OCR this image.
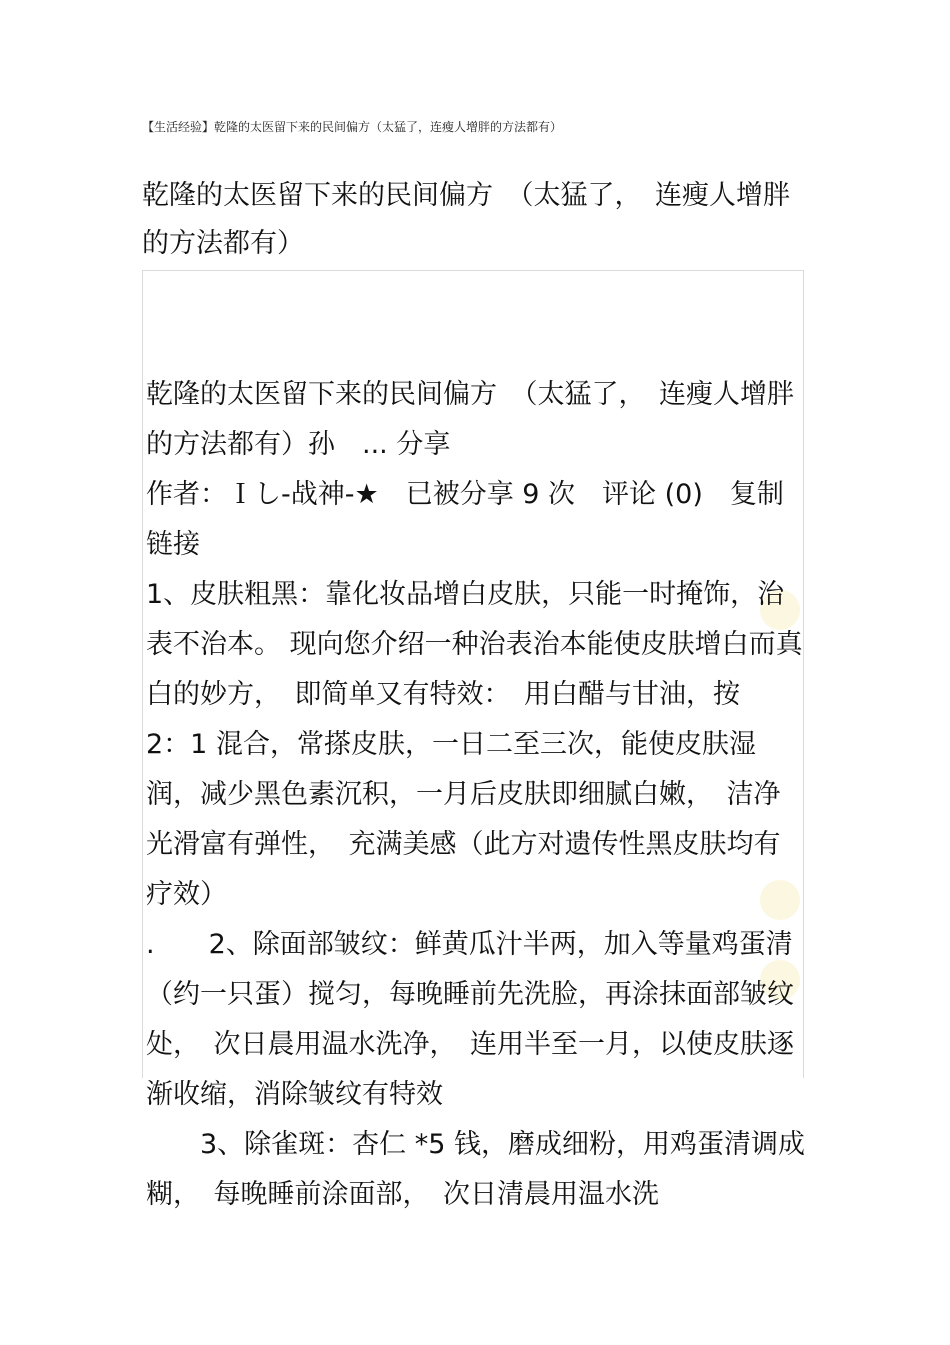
【生活经验】乾隆的太医留下来的民间偏方（太猛了，连瘦人增胖的方法都有）
乾隆的太医留下来的民间偏方　（太猛了，　连瘦人增胖的方法都有）
乾隆的太医留下来的民间偏方　（太猛了，　连瘦人增胖的方法都有）孙　... 分享
作者：Ｉし-战神-★　已被分享 9 次　评论 (0)　复制链接
1、皮肤粗黑：靠化妆品增白皮肤，只能一时掩饰，治表不治本。 现向您介绍一种治表治本能使皮肤增白而真白的妙方，　即简单又有特效：　用白醋与甘油，按　2：1 混合，常搽皮肤，一日二至三次，能使皮肤湿润，减少黑色素沉积，一月后皮肤即细腻白嫩，　洁净光滑富有弹性，　充满美感（此方对遗传性黑皮肤均有疗效）
.　　2、除面部皱纹：鲜黄瓜汁半两，加入等量鸡蛋清（约一只蛋）搅匀，每晚睡前先洗脸，再涂抹面部皱纹处，　次日晨用温水洗净，　连用半至一月，以使皮肤逐渐收缩，消除皱纹有特效
　　3、除雀斑：杏仁 *5 钱，磨成细粉，用鸡蛋清调成糊，　每晚睡前涂面部，　次日清晨用温水洗
